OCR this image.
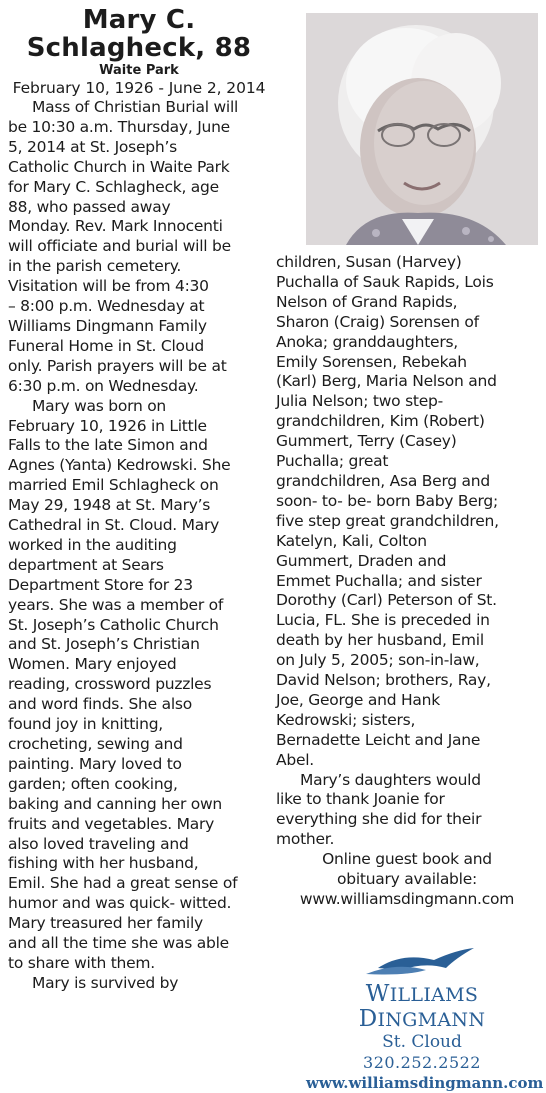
Mary C.
Schlagheck, 88
Waite Park
February 10, 1926 - June 2, 2014
Mass of Christian Burial will
be 10:30 a.m. Thursday, June
5, 2014 at St. Joseph’s
Catholic Church in Waite Park
for Mary C. Schlagheck, age
88, who passed away
Monday. Rev. Mark Innocenti
will officiate and burial will be
in the parish cemetery.
Visitation will be from 4:30
– 8:00 p.m. Wednesday at
Williams Dingmann Family
Funeral Home in St. Cloud
only. Parish prayers will be at
6:30 p.m. on Wednesday.
Mary was born on
February 10, 1926 in Little
Falls to the late Simon and
Agnes (Yanta) Kedrowski. She
married Emil Schlagheck on
May 29, 1948 at St. Mary’s
Cathedral in St. Cloud. Mary
worked in the auditing
department at Sears
Department Store for 23
years. She was a member of
St. Joseph’s Catholic Church
and St. Joseph’s Christian
Women. Mary enjoyed
reading, crossword puzzles
and word finds. She also
found joy in knitting,
crocheting, sewing and
painting. Mary loved to
garden; often cooking,
baking and canning her own
fruits and vegetables. Mary
also loved traveling and
fishing with her husband,
Emil. She had a great sense of
humor and was quick- witted.
Mary treasured her family
and all the time she was able
to share with them.
Mary is survived by
children, Susan (Harvey)
Puchalla of Sauk Rapids, Lois
Nelson of Grand Rapids,
Sharon (Craig) Sorensen of
Anoka; granddaughters,
Emily Sorensen, Rebekah
(Karl) Berg, Maria Nelson and
Julia Nelson; two step-
grandchildren, Kim (Robert)
Gummert, Terry (Casey)
Puchalla; great
grandchildren, Asa Berg and
soon- to- be- born Baby Berg;
five step great grandchildren,
Katelyn, Kali, Colton
Gummert, Draden and
Emmet Puchalla; and sister
Dorothy (Carl) Peterson of St.
Lucia, FL. She is preceded in
death by her husband, Emil
on July 5, 2005; son-in-law,
David Nelson; brothers, Ray,
Joe, George and Hank
Kedrowski; sisters,
Bernadette Leicht and Jane
Abel.
Mary’s daughters would
like to thank Joanie for
everything she did for their
mother.
Online guest book and
obituary available:
www.williamsdingmann.com
WILLIAMS DINGMANN
St. Cloud
320.252.2522
www.williamsdingmann.com
